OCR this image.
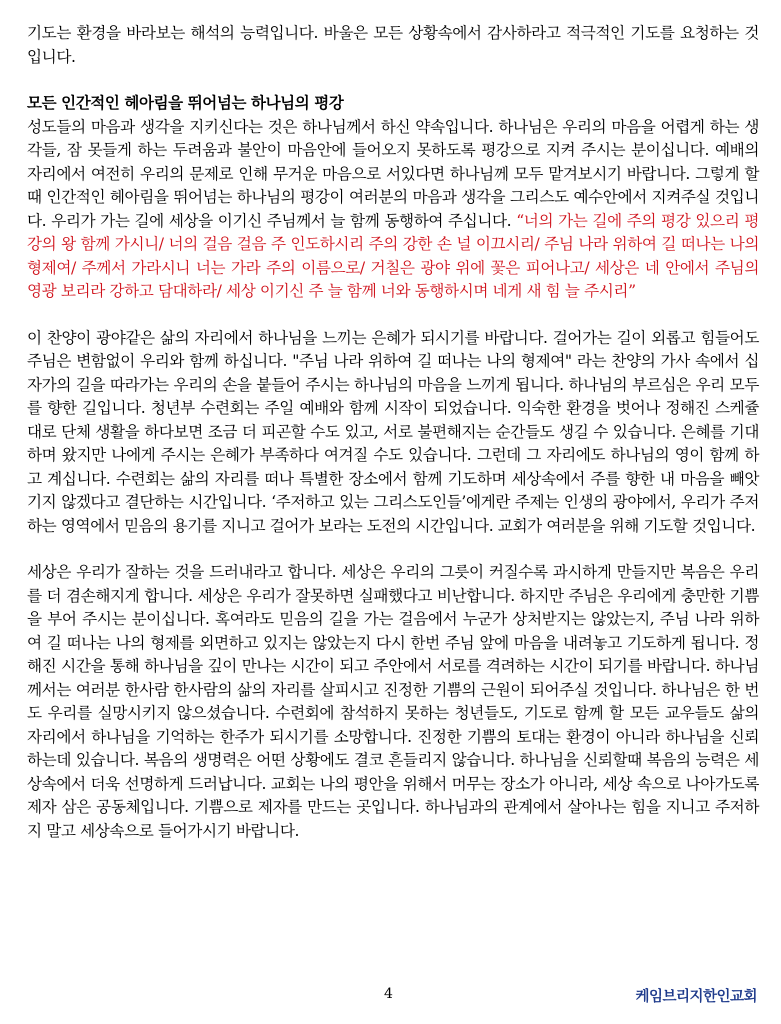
기도는 환경을 바라보는 해석의 능력입니다. 바울은 모든 상황속에서 감사하라고 적극적인 기도를 요청하는 것입니다.

모든 인간적인 헤아림을 뛰어넘는 하나님의 평강

성도들의 마음과 생각을 지키신다는 것은 하나님께서 하신 약속입니다. 하나님은 우리의 마음을 어렵게 하는 생각들, 잠 못들게 하는 두려움과 불안이 마음안에 들어오지 못하도록 평강으로 지켜 주시는 분이십니다. 예배의 자리에서 여전히 우리의 문제로 인해 무거운 마음으로 서있다면 하나님께 모두 맡겨보시기 바랍니다. 그렇게 할때 인간적인 헤아림을 뛰어넘는 하나님의 평강이 여러분의 마음과 생각을 그리스도 예수안에서 지켜주실 것입니다. 우리가 가는 길에 세상을 이기신 주님께서 늘 함께 동행하여 주십니다. “너의 가는 길에 주의 평강 있으리 평강의 왕 함께 가시니/ 너의 걸음 걸음 주 인도하시리 주의 강한 손 널 이끄시리/ 주님 나라 위하여 길 떠나는 나의 형제여/ 주께서 가라시니 너는 가라 주의 이름으로/ 거칠은 광야 위에 꽃은 피어나고/ 세상은 네 안에서 주님의 영광 보리라 강하고 담대하라/ 세상 이기신 주 늘 함께 너와 동행하시며 네게 새 힘 늘 주시리”

이 찬양이 광야같은 삶의 자리에서 하나님을 느끼는 은혜가 되시기를 바랍니다. 걸어가는 길이 외롭고 힘들어도 주님은 변함없이 우리와 함께 하십니다. "주님 나라 위하여 길 떠나는 나의 형제여" 라는 찬양의 가사 속에서 십자가의 길을 따라가는 우리의 손을 붙들어 주시는 하나님의 마음을 느끼게 됩니다. 하나님의 부르심은 우리 모두를 향한 길입니다. 청년부 수련회는 주일 예배와 함께 시작이 되었습니다. 익숙한 환경을 벗어나 정해진 스케쥴 대로 단체 생활을 하다보면 조금 더 피곤할 수도 있고, 서로 불편해지는 순간들도 생길 수 있습니다. 은혜를 기대하며 왔지만 나에게 주시는 은혜가 부족하다 여겨질 수도 있습니다. 그런데 그 자리에도 하나님의 영이 함께 하고 계십니다. 수련회는 삶의 자리를 떠나 특별한 장소에서 함께 기도하며 세상속에서 주를 향한 내 마음을 빼앗기지 않겠다고 결단하는 시간입니다. ‘주저하고 있는 그리스도인들’에게란 주제는 인생의 광야에서, 우리가 주저하는 영역에서 믿음의 용기를 지니고 걸어가 보라는 도전의 시간입니다. 교회가 여러분을 위해 기도할 것입니다.

세상은 우리가 잘하는 것을 드러내라고 합니다. 세상은 우리의 그릇이 커질수록 과시하게 만들지만 복음은 우리를 더 겸손해지게 합니다. 세상은 우리가 잘못하면 실패했다고 비난합니다. 하지만 주님은 우리에게 충만한 기쁨을 부어 주시는 분이십니다. 혹여라도 믿음의 길을 가는 걸음에서 누군가 상처받지는 않았는지, 주님 나라 위하여 길 떠나는 나의 형제를 외면하고 있지는 않았는지 다시 한번 주님 앞에 마음을 내려놓고 기도하게 됩니다. 정해진 시간을 통해 하나님을 깊이 만나는 시간이 되고 주안에서 서로를 격려하는 시간이 되기를 바랍니다. 하나님께서는 여러분 한사람 한사람의 삶의 자리를 살피시고 진정한 기쁨의 근원이 되어주실 것입니다. 하나님은 한 번도 우리를 실망시키지 않으셨습니다. 수련회에 참석하지 못하는 청년들도, 기도로 함께 할 모든 교우들도 삶의 자리에서 하나님을 기억하는 한주가 되시기를 소망합니다. 진정한 기쁨의 토대는 환경이 아니라 하나님을 신뢰하는데 있습니다. 복음의 생명력은 어떤 상황에도 결코 흔들리지 않습니다. 하나님을 신뢰할때 복음의 능력은 세상속에서 더욱 선명하게 드러납니다. 교회는 나의 평안을 위해서 머무는 장소가 아니라, 세상 속으로 나아가도록 제자 삼은 공동체입니다. 기쁨으로 제자를 만드는 곳입니다. 하나님과의 관계에서 살아나는 힘을 지니고 주저하지 말고 세상속으로 들어가시기 바랍니다.

4	케임브리지한인교회
